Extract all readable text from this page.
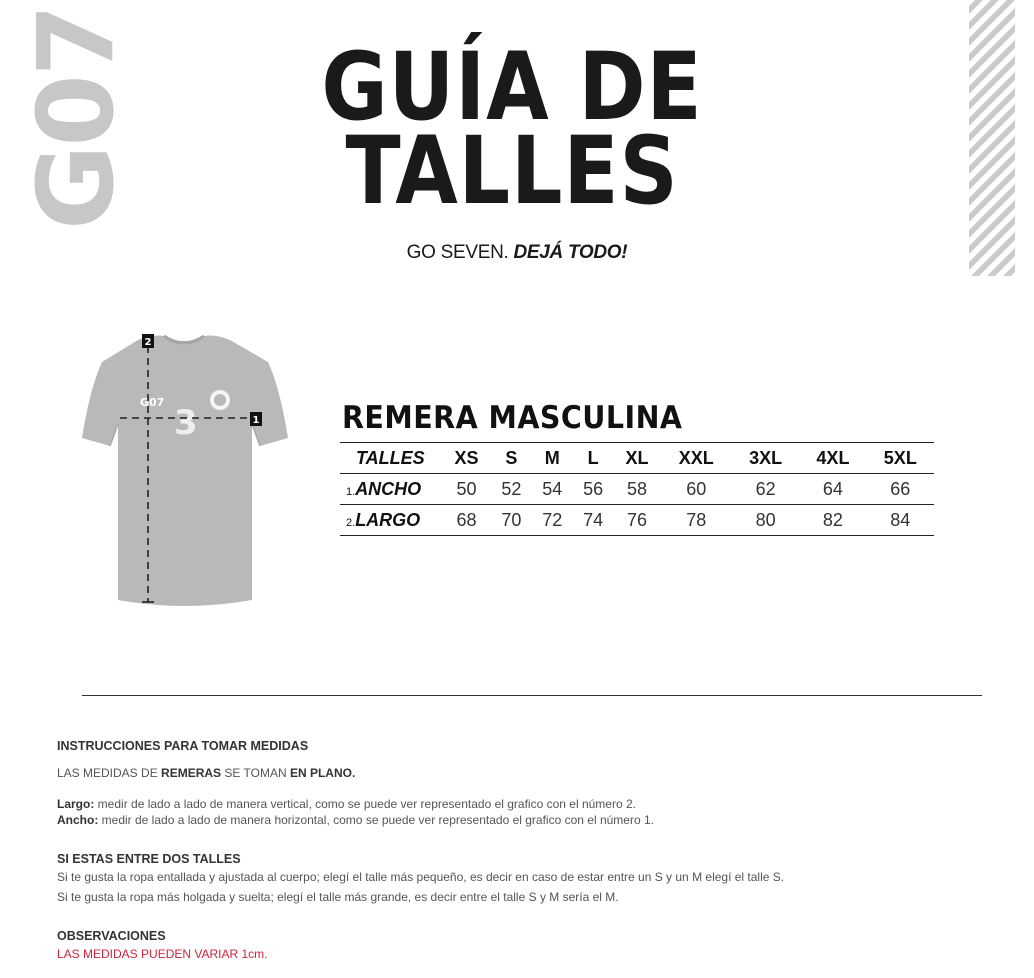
G07	GUÍA DE
TALLES
GO SEVEN. DEJÁ TODO!
G07
3
2
1	REMERA MASCULINA
TALLES	XS	S	M	L	XL	XXL	3XL	4XL	5XL
1.ANCHO	50	52	54	56	58	60	62	64	66
2.LARGO	68	70	72	74	76	78	80	82	84
INSTRUCCIONES PARA TOMAR MEDIDAS
LAS MEDIDAS DE REMERAS SE TOMAN EN PLANO.
Largo: medir de lado a lado de manera vertical, como se puede ver representado el grafico con el número 2.
Ancho: medir de lado a lado de manera horizontal, como se puede ver representado el grafico con el número 1.
SI ESTAS ENTRE DOS TALLES
Si te gusta la ropa entallada y ajustada al cuerpo; elegí el talle más pequeño, es decir en caso de estar entre un S y un M elegí el talle S.
Si te gusta la ropa más holgada y suelta; elegí el talle más grande, es decir entre el talle S y M sería el M.
OBSERVACIONES
LAS MEDIDAS PUEDEN VARIAR 1cm.
